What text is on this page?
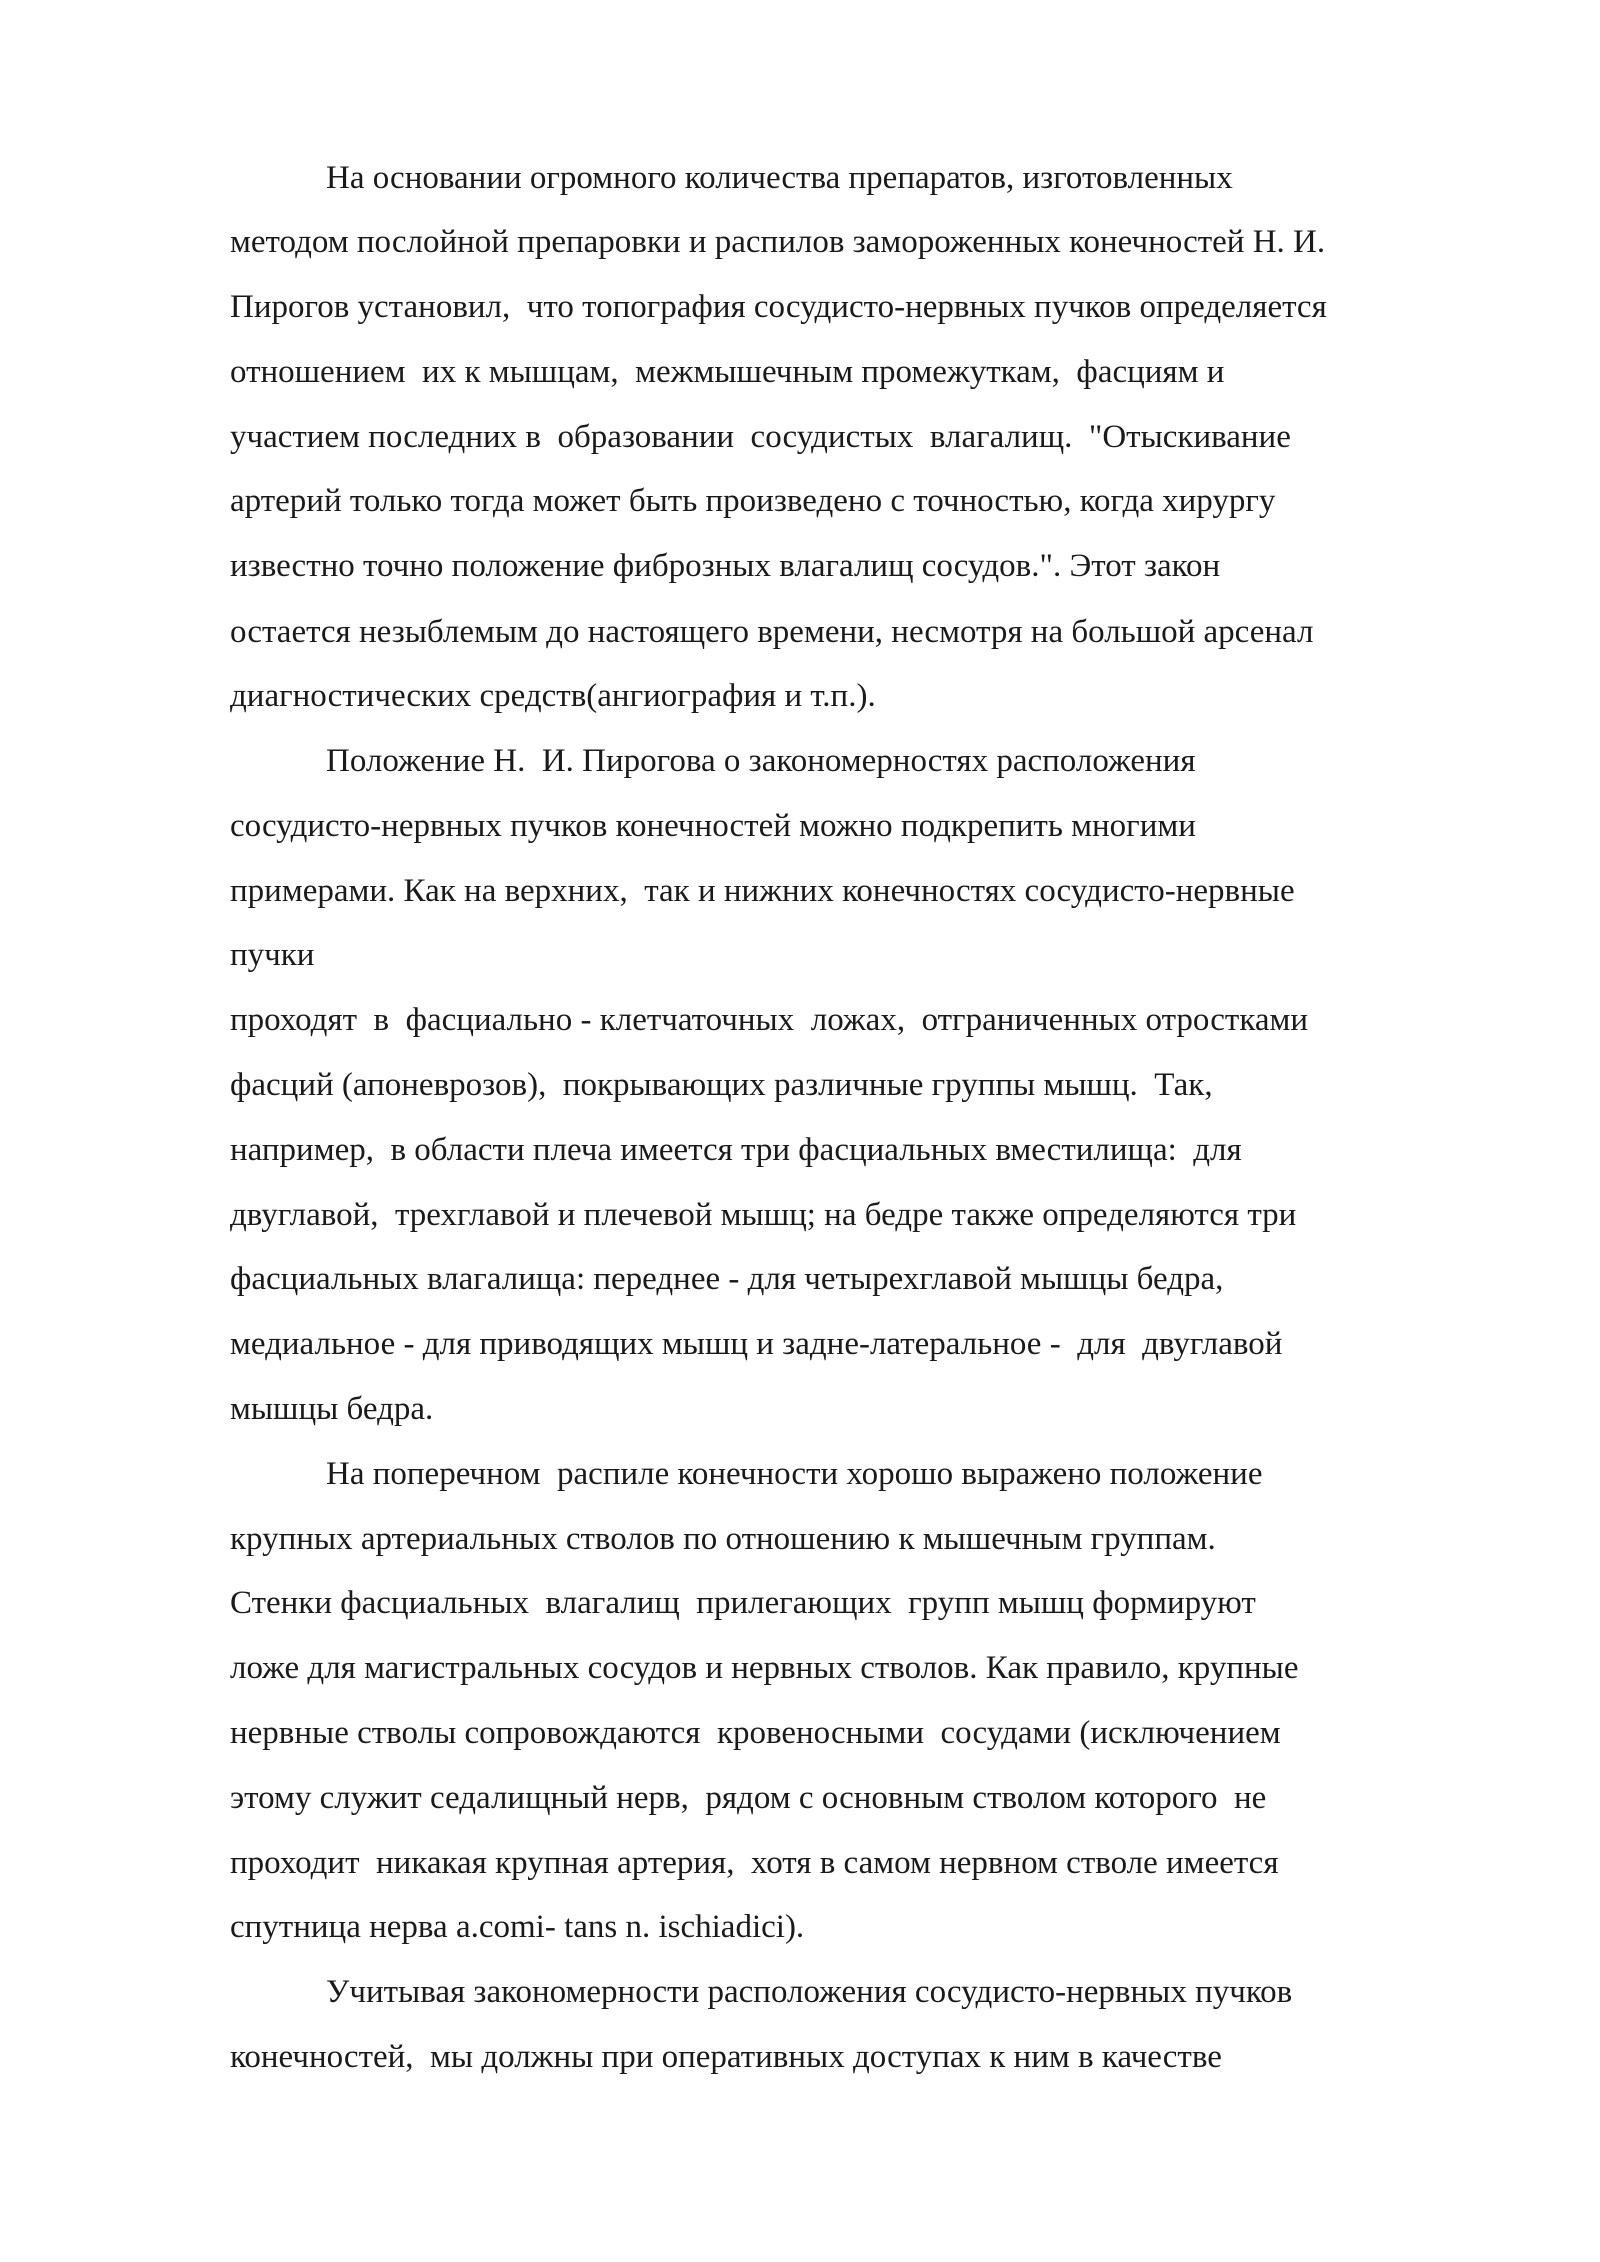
На основании огромного количества препаратов, изготовленных
методом послойной препаровки и распилов замороженных конечностей Н. И.
Пирогов установил,  что топография сосудисто-нервных пучков определяется
отношением  их к мышцам,  межмышечным промежуткам,  фасциям и
участием последних в  образовании  сосудистых  влагалищ.  "Отыскивание
артерий только тогда может быть произведено с точностью, когда хирургу
известно точно положение фиброзных влагалищ сосудов.". Этот закон
остается незыблемым до настоящего времени, несмотря на большой арсенал
диагностических средств(ангиография и т.п.).
Положение Н.  И. Пирогова о закономерностях расположения
сосудисто-нервных пучков конечностей можно подкрепить многими
примерами. Как на верхних,  так и нижних конечностях сосудисто-нервные
пучки
проходят  в  фасциально - клетчаточных  ложах,  отграниченных отростками
фасций (апоневрозов),  покрывающих различные группы мышц.  Так,
например,  в области плеча имеется три фасциальных вместилища:  для
двуглавой,  трехглавой и плечевой мышц; на бедре также определяются три
фасциальных влагалища: переднее - для четырехглавой мышцы бедра,
медиальное - для приводящих мышц и задне-латеральное -  для  двуглавой
мышцы бедра.
На поперечном  распиле конечности хорошо выражено положение
крупных артериальных стволов по отношению к мышечным группам.
Стенки фасциальных  влагалищ  прилегающих  групп мышц формируют
ложе для магистральных сосудов и нервных стволов. Как правило, крупные
нервные стволы сопровождаются  кровеносными  сосудами (исключением
этому служит седалищный нерв,  рядом с основным стволом которого  не
проходит  никакая крупная артерия,  хотя в самом нервном стволе имеется
спутница нерва a.comi- tans n. ischiadici).
Учитывая закономерности расположения сосудисто-нервных пучков
конечностей,  мы должны при оперативных доступах к ним в качестве
